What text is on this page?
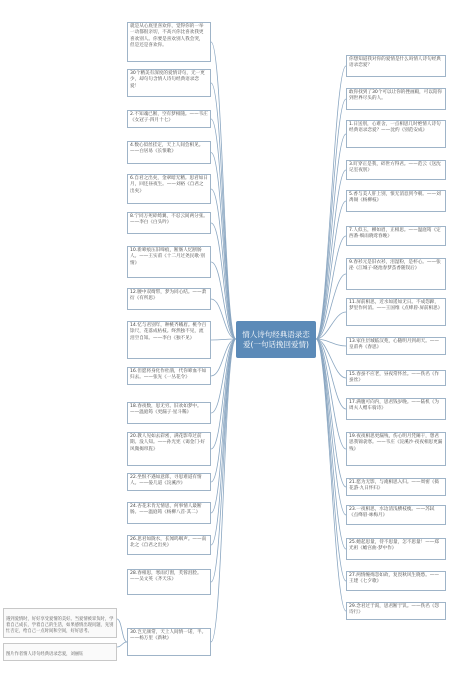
就是从心底里喜欢你，觉得你的一举一动都很亲切，不高兴你比喜欢我更喜欢别人。你要是喜欢别人我会哭，但是还是喜欢你。
30个精美有深度的爱情诗句，无一更少，却句句含情人诗句经典语录恋爱！
2.不知魂已断，空有梦相随。——韦庄《女冠子·四月十七》
4.数心似丝挂定，天上人间会相见。——白居易《长恨歌》
6.自君之出矣，金翠暗无精。思君如日月，回还昼夜生。——刘裕《自君之出矣》
8.宁同万死碎绮翼，不忍云间两分张。——李白《白头吟》
10.新啼痕压旧啼痕，断肠人忆断肠人。——王实甫《十二月过尧民歌·别情》
12.腰中双绮带，梦为同心结。——萧衍《有所思》
14.忆与君别年，种桃齐蛾眉。桃今百馀尺，花落成枯枝。终然独不见，流泪空自知。——李白《独不见》
16.但愿将身化作杜鹃，代你啼血不如归去。——张先《一丛花令》
18.春夜数，思无穷。旧欢如梦中。——温庭筠《更漏子·星斗稀》
20.教人见如去彩密，满花影草过前期。没人知。——孙光宪《谒金门·好风微揭帘旌》
22.坐恨不遇如意郎，寻思难道有情人。——晏几道《浣溪沙》
24.杏花未肯无情思，何事情人最断肠。——温庭筠《杨柳八首·其二》
26.思君如陇水，长闻呜咽声。——南北之《自君之出矣》
28.春相思，寒雨灯窗，芙蓉泪脸。——吴文英《齐天乐》
30.岂无颜常，天上人间情一诺，半。——杨万里《新秋》
你想知道我对你的爱情是什么吗情人诗句经典语录恋爱？
敢你找到了30个可以让你的挫画殿，可以陪你到世界尽头的人。
1.日送别，心难舍，一点相思几时绝情人诗句经典语录恋爱？——沈约《别范安成》
3.盯穿正是我，碎世方得君。——范云《送沈记室夜别》
5.香与美人肝上别，恨无消息到今朝。——刘禹锡《杨柳枝》
7.人似玉，柳如眉，正相思。——温庭筠《定西番·细雨晓莺春晚》
9.春衫元是旧衣衫，泪湿粉，是杯心。——张泌《江城子·晓池春梦茧香随钗后》
11.屏前相思，近水如遥如无日。不成怨蹄，梦里作何消。——王国维《点绛唇·屏前相思》
13.家住层城临汉苑，心随明月到胡天。——皇甫冉《春思》
15.春蚕不应老，昼夜常怀丝。——佚名《作蚕丝》
17.满腹可向内，思君钱岁晚。——陆机《为周夫人赠车骑诗》
19.夜夜相思更漏残，伤心明月凭阑干，想君思我锦衾寒。——韦庄《浣溪沙·夜夜相思更漏残》
21.愿为无影，与淹相思入归。——周密《捣花游·九日怀归》
23.一夜相思，水边清浅横枝瘦。——苏轼《点绛唇·咏梅月》
25.她起思量，待不思量，怎不思量！——郑光祖《蟾宫曲·梦中作》
27.两情缠绵忽如故，复畏秋风生晓愁。——王建《七夕歌》
29.念君过于渴，思君断于饥。——佚名《怨诗行》
情人诗句经典语录恋爱(一句话挽回爱情)

遇到爱情时，好好享受爱情的美好。当爱情被辜负时，学着自己成长，学着自己的生活，如果感情出现问题，先别忙否定，给自己一点时间和空间，好好思考。

图片作者情人诗句经典语录恋爱，刘丽钰
